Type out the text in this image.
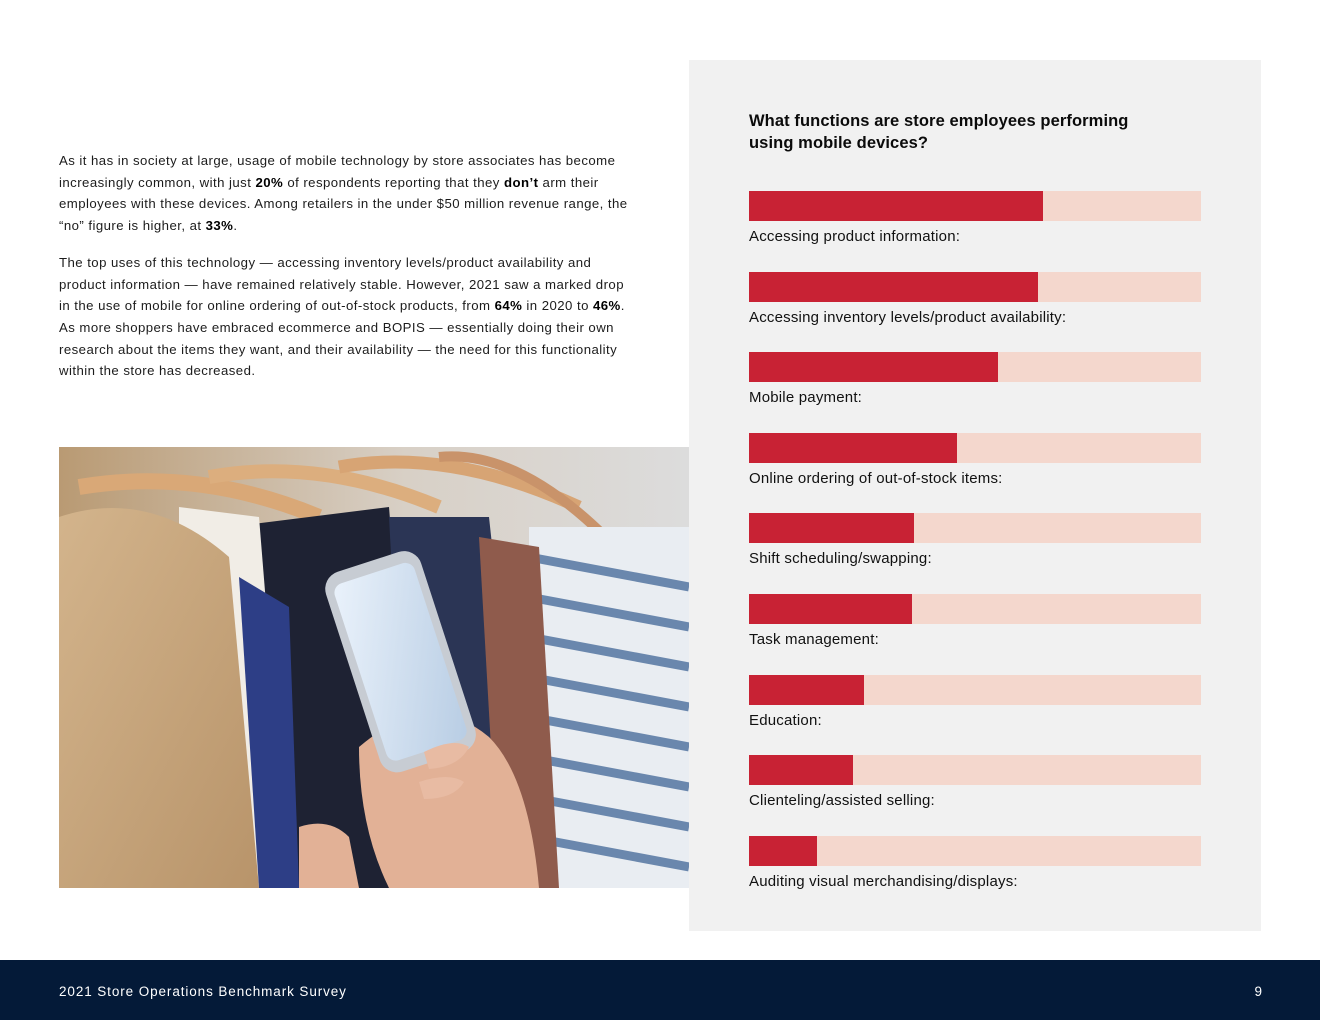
As it has in society at large, usage of mobile technology by store associates has become increasingly common, with just 20% of respondents reporting that they don’t arm their employees with these devices. Among retailers in the under $50 million revenue range, the “no” figure is higher, at 33%.

The top uses of this technology — accessing inventory levels/product availability and product information — have remained relatively stable. However, 2021 saw a marked drop in the use of mobile for online ordering of out-of-stock products, from 64% in 2020 to 46%. As more shoppers have embraced ecommerce and BOPIS — essentially doing their own research about the items they want, and their availability — the need for this functionality within the store has decreased.

What functions are store employees performing using mobile devices?
Accessing product information:
Accessing inventory levels/product availability:
Mobile payment:
Online ordering of out-of-stock items:
Shift scheduling/swapping:
Task management:
Education:
Clienteling/assisted selling:
Auditing visual merchandising/displays:
2021 Store Operations Benchmark Survey	9
